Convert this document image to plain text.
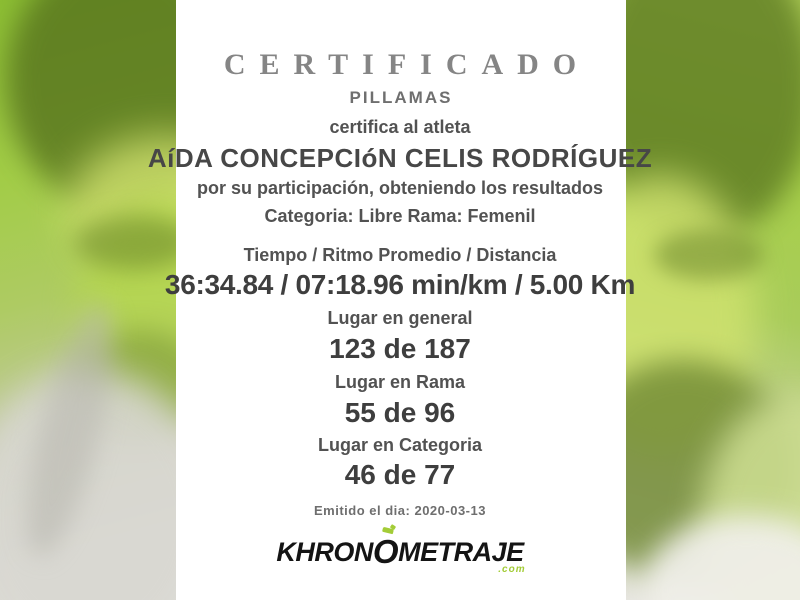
CERTIFICADO
PILLAMAS
certifica al atleta
AíDA CONCEPCIóN CELIS RODRÍGUEZ
por su participación, obteniendo los resultados
Categoria: Libre Rama: Femenil
Tiempo / Ritmo Promedio / Distancia
36:34.84 / 07:18.96 min/km / 5.00 Km
Lugar en general
123 de 187
Lugar en Rama
55 de 96
Lugar en Categoria
46 de 77
Emitido el dia: 2020-03-13
KHRON
OMETRAJE
.com
